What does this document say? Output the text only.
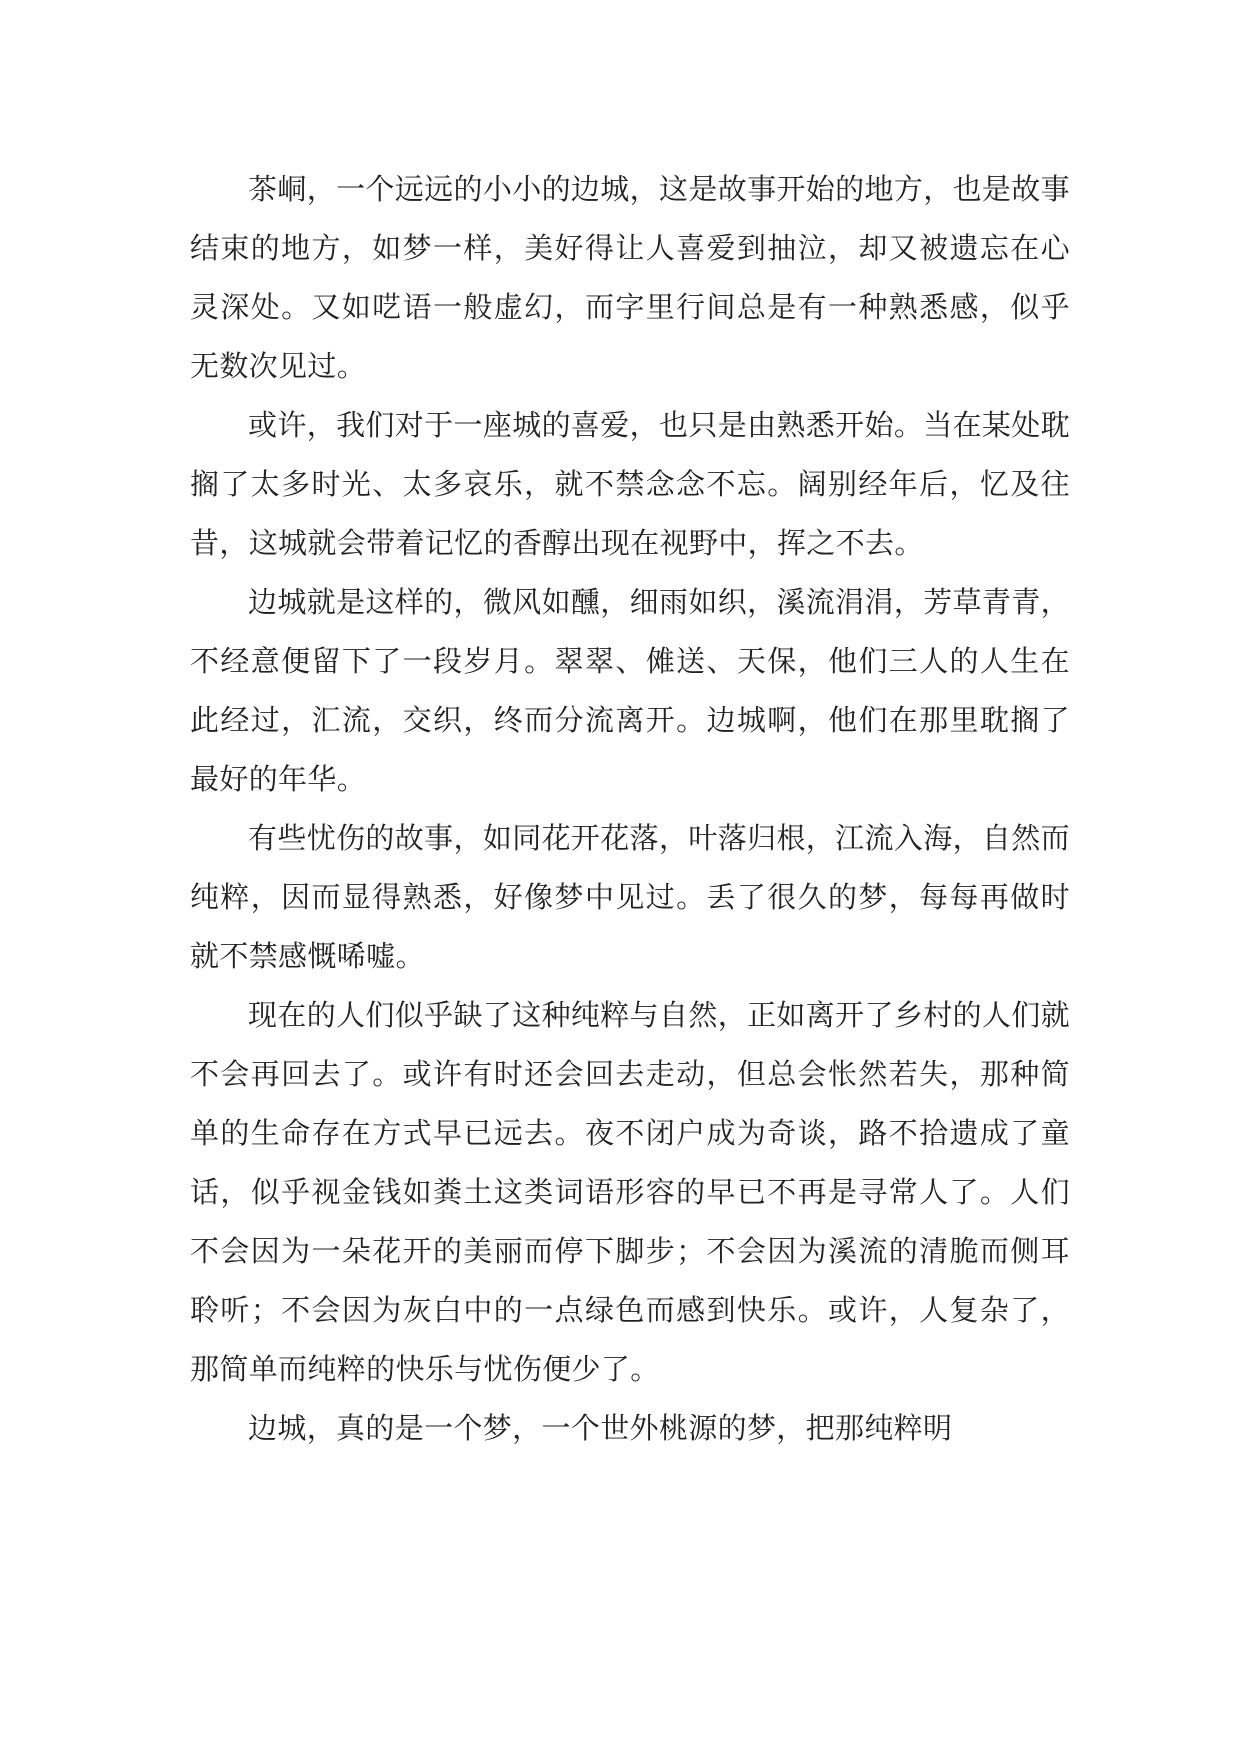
茶峒，一个远远的小小的边城，这是故事开始的地方，也是故事结束的地方，如梦一样，美好得让人喜爱到抽泣，却又被遗忘在心灵深处。又如呓语一般虚幻，而字里行间总是有一种熟悉感，似乎无数次见过。

或许，我们对于一座城的喜爱，也只是由熟悉开始。当在某处耽搁了太多时光、太多哀乐，就不禁念念不忘。阔别经年后，忆及往昔，这城就会带着记忆的香醇出现在视野中，挥之不去。

边城就是这样的，微风如醺，细雨如织，溪流涓涓，芳草青青，不经意便留下了一段岁月。翠翠、傩送、天保，他们三人的人生在此经过，汇流，交织，终而分流离开。边城啊，他们在那里耽搁了最好的年华。

有些忧伤的故事，如同花开花落，叶落归根，江流入海，自然而纯粹，因而显得熟悉，好像梦中见过。丢了很久的梦，每每再做时就不禁感慨唏嘘。

现在的人们似乎缺了这种纯粹与自然，正如离开了乡村的人们就不会再回去了。或许有时还会回去走动，但总会怅然若失，那种简单的生命存在方式早已远去。夜不闭户成为奇谈，路不拾遗成了童话，似乎视金钱如粪土这类词语形容的早已不再是寻常人了。人们不会因为一朵花开的美丽而停下脚步；不会因为溪流的清脆而侧耳聆听；不会因为灰白中的一点绿色而感到快乐。或许，人复杂了，那简单而纯粹的快乐与忧伤便少了。

边城，真的是一个梦，一个世外桃源的梦，把那纯粹明
